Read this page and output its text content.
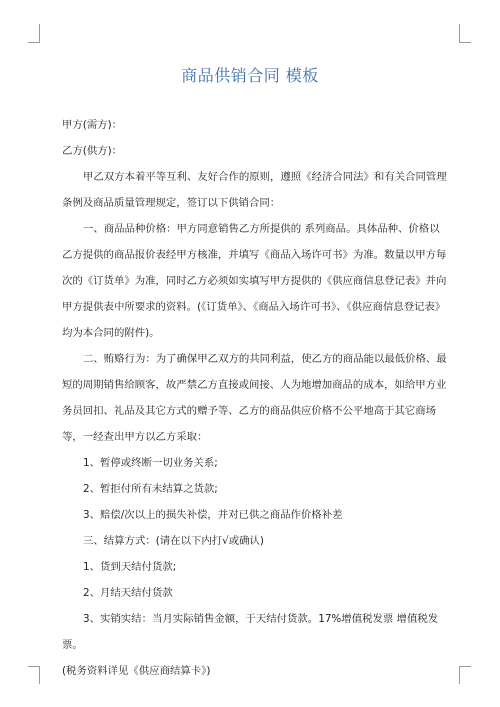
商品供销合同 模板

甲方(需方)：

乙方(供方)：

甲乙双方本着平等互利、友好合作的原则，遵照《经济合同法》和有关合同管理条例及商品质量管理规定，签订以下供销合同：

一、商品品种价格：甲方同意销售乙方所提供的 系列商品。具体品种、价格以乙方提供的商品报价表经甲方核准，并填写《商品入场许可书》为准。数量以甲方每次的《订货单》为准，同时乙方必须如实填写甲方提供的《供应商信息登记表》并向甲方提供表中所要求的资料。(《订货单》、《商品入场许可书》、《供应商信息登记表》均为本合同的附件)。

二、贿赂行为：为了确保甲乙双方的共同利益，使乙方的商品能以最低价格、最短的周期销售给顾客，故严禁乙方直接或间接、人为地增加商品的成本，如给甲方业务员回扣、礼品及其它方式的赠予等、乙方的商品供应价格不公平地高于其它商场等，一经查出甲方以乙方采取：

1、暂停或终断一切业务关系;

2、暂拒付所有未结算之货款;

3、赔偿/次以上的损失补偿，并对已供之商品作价格补差

三、结算方式：(请在以下内打√或确认)

1、货到天结付货款;

2、月结天结付货款

3、实销实结：当月实际销售金额，于天结付货款。17%增值税发票 增值税发票。

(税务资料详见《供应商结算卡》)
